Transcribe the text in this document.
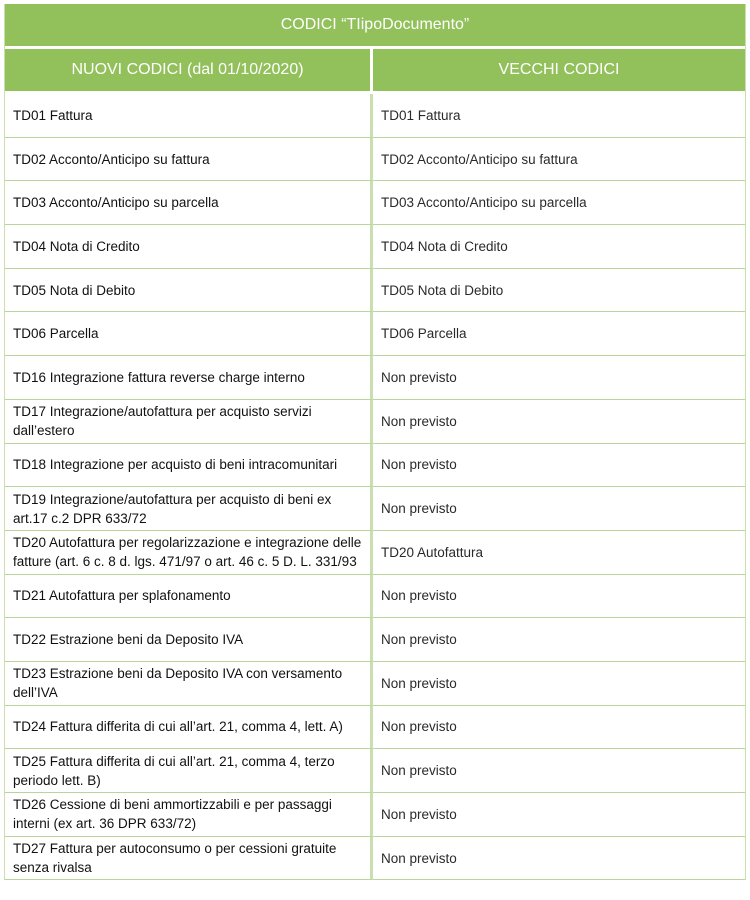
CODICI “TIipoDocumento”	
NUOVI CODICI (dal 01/10/2020)	VECCHI CODICI
TD01 Fattura	TD01 Fattura
TD02 Acconto/Anticipo su fattura	TD02 Acconto/Anticipo su fattura
TD03 Acconto/Anticipo su parcella	TD03 Acconto/Anticipo su parcella
TD04 Nota di Credito	TD04 Nota di Credito
TD05 Nota di Debito	TD05 Nota di Debito
TD06 Parcella	TD06 Parcella
TD16 Integrazione fattura reverse charge interno	Non previsto
TD17 Integrazione/autofattura per acquisto servizi dall’estero	Non previsto
TD18 Integrazione per acquisto di beni intracomunitari	Non previsto
TD19 Integrazione/autofattura per acquisto di beni ex art.17 c.2 DPR 633/72	Non previsto
TD20 Autofattura per regolarizzazione e integrazione delle fatture (art. 6 c. 8 d. lgs. 471/97 o art. 46 c. 5 D. L. 331/93	TD20 Autofattura
TD21 Autofattura per splafonamento	Non previsto
TD22 Estrazione beni da Deposito IVA	Non previsto
TD23 Estrazione beni da Deposito IVA con versamento dell’IVA	Non previsto
TD24 Fattura differita di cui all’art. 21, comma 4, lett. A)	Non previsto
TD25 Fattura differita di cui all’art. 21, comma 4, terzo periodo lett. B)	Non previsto
TD26 Cessione di beni ammortizzabili e per passaggi interni (ex art. 36 DPR 633/72)	Non previsto
TD27 Fattura per autoconsumo o per cessioni gratuite senza rivalsa	Non previsto
